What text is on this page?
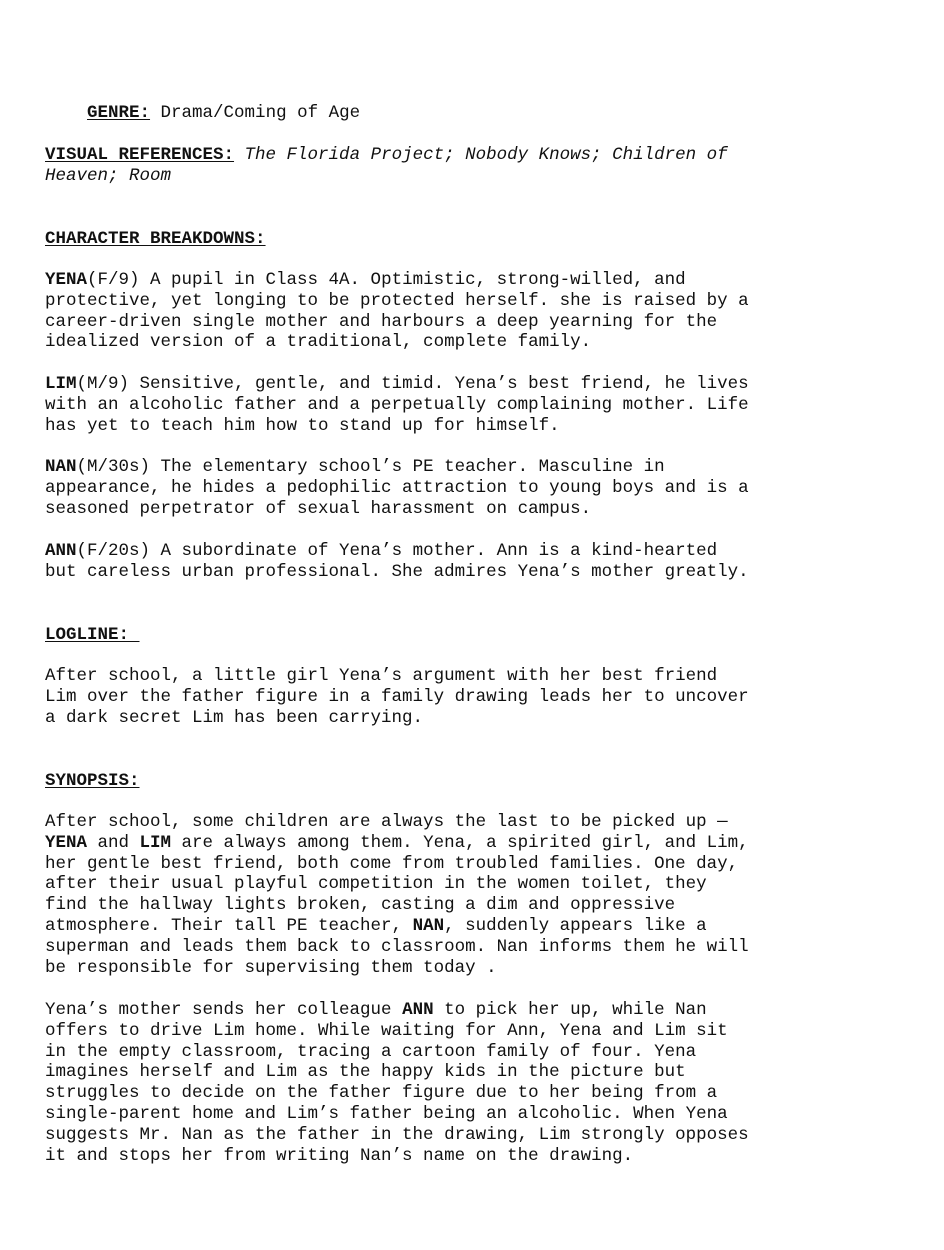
GENRE: Drama/Coming of Age

VISUAL REFERENCES: The Florida Project; Nobody Knows; Children of
Heaven; Room
CHARACTER BREAKDOWNS:
YENA(F/9) A pupil in Class 4A. Optimistic, strong-willed, and
protective, yet longing to be protected herself. she is raised by a
career-driven single mother and harbours a deep yearning for the
idealized version of a traditional, complete family.
LIM(M/9) Sensitive, gentle, and timid. Yena’s best friend, he lives
with an alcoholic father and a perpetually complaining mother. Life
has yet to teach him how to stand up for himself.
NAN(M/30s) The elementary school’s PE teacher. Masculine in
appearance, he hides a pedophilic attraction to young boys and is a
seasoned perpetrator of sexual harassment on campus.
ANN(F/20s) A subordinate of Yena’s mother. Ann is a kind-hearted
but careless urban professional. She admires Yena’s mother greatly.
LOGLINE:
After school, a little girl Yena’s argument with her best friend
Lim over the father figure in a family drawing leads her to uncover
a dark secret Lim has been carrying.
SYNOPSIS:
After school, some children are always the last to be picked up —
YENA and LIM are always among them. Yena, a spirited girl, and Lim,
her gentle best friend, both come from troubled families. One day,
after their usual playful competition in the women toilet, they
find the hallway lights broken, casting a dim and oppressive
atmosphere. Their tall PE teacher, NAN, suddenly appears like a
superman and leads them back to classroom. Nan informs them he will
be responsible for supervising them today .
Yena’s mother sends her colleague ANN to pick her up, while Nan
offers to drive Lim home. While waiting for Ann, Yena and Lim sit
in the empty classroom, tracing a cartoon family of four. Yena
imagines herself and Lim as the happy kids in the picture but
struggles to decide on the father figure due to her being from a
single-parent home and Lim’s father being an alcoholic. When Yena
suggests Mr. Nan as the father in the drawing, Lim strongly opposes
it and stops her from writing Nan’s name on the drawing.
